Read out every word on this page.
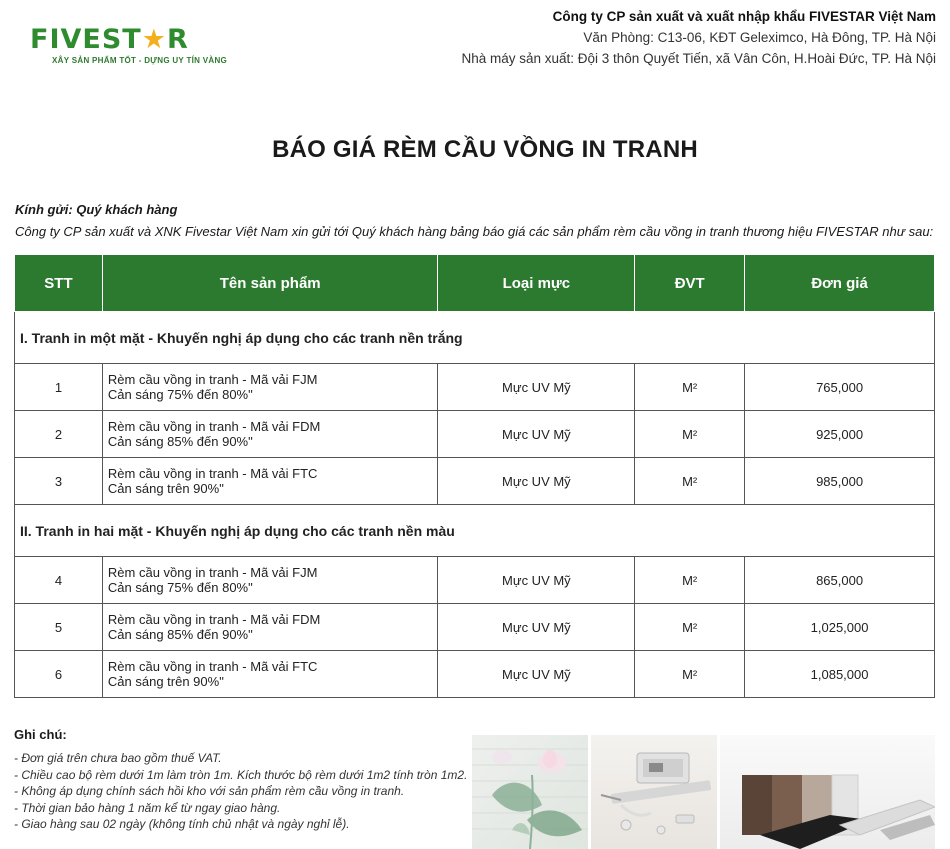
FIVEST★R
XÂY SẢN PHẨM TỐT - DỰNG UY TÍN VÀNG
Công ty CP sản xuất và xuất nhập khẩu FIVESTAR Việt Nam
Văn Phòng: C13-06, KĐT Geleximco, Hà Đông, TP. Hà Nội
Nhà máy sản xuất: Đội 3 thôn Quyết Tiến, xã Vân Côn, H.Hoài Đức, TP. Hà Nội
BÁO GIÁ RÈM CẦU VỒNG IN TRANH
Kính gửi: Quý khách hàng
Công ty CP sản xuất và XNK Fivestar Việt Nam xin gửi tới Quý khách hàng bảng báo giá các sản phẩm rèm cầu vồng in tranh thương hiệu FIVESTAR như sau:
STT	Tên sản phẩm	Loại mực	ĐVT	Đơn giá
I. Tranh in một mặt - Khuyến nghị áp dụng cho các tranh nền trắng				
1	Rèm cầu vồng in tranh - Mã vải FJM
Cản sáng 75% đến 80%"	Mực UV Mỹ	M²	765,000
2	Rèm cầu vồng in tranh - Mã vải FDM
Cản sáng 85% đến 90%"	Mực UV Mỹ	M²	925,000
3	Rèm cầu vồng in tranh - Mã vải FTC
Cản sáng trên 90%"	Mực UV Mỹ	M²	985,000
II. Tranh in hai mặt - Khuyến nghị áp dụng cho các tranh nền màu				
4	Rèm cầu vồng in tranh - Mã vải FJM
Cản sáng 75% đến 80%"	Mực UV Mỹ	M²	865,000
5	Rèm cầu vồng in tranh - Mã vải FDM
Cản sáng 85% đến 90%"	Mực UV Mỹ	M²	1,025,000
6	Rèm cầu vồng in tranh - Mã vải FTC
Cản sáng trên 90%"	Mực UV Mỹ	M²	1,085,000
Ghi chú:
- Đơn giá trên chưa bao gồm thuế VAT.
- Chiều cao bộ rèm dưới 1m làm tròn 1m. Kích thước bộ rèm dưới 1m2 tính tròn 1m2.
- Không áp dụng chính sách hồi kho với sản phẩm rèm cầu vồng in tranh.
- Thời gian bảo hàng 1 năm kể từ ngay giao hàng.
- Giao hàng sau 02 ngày (không tính chủ nhật và ngày nghỉ lễ).
